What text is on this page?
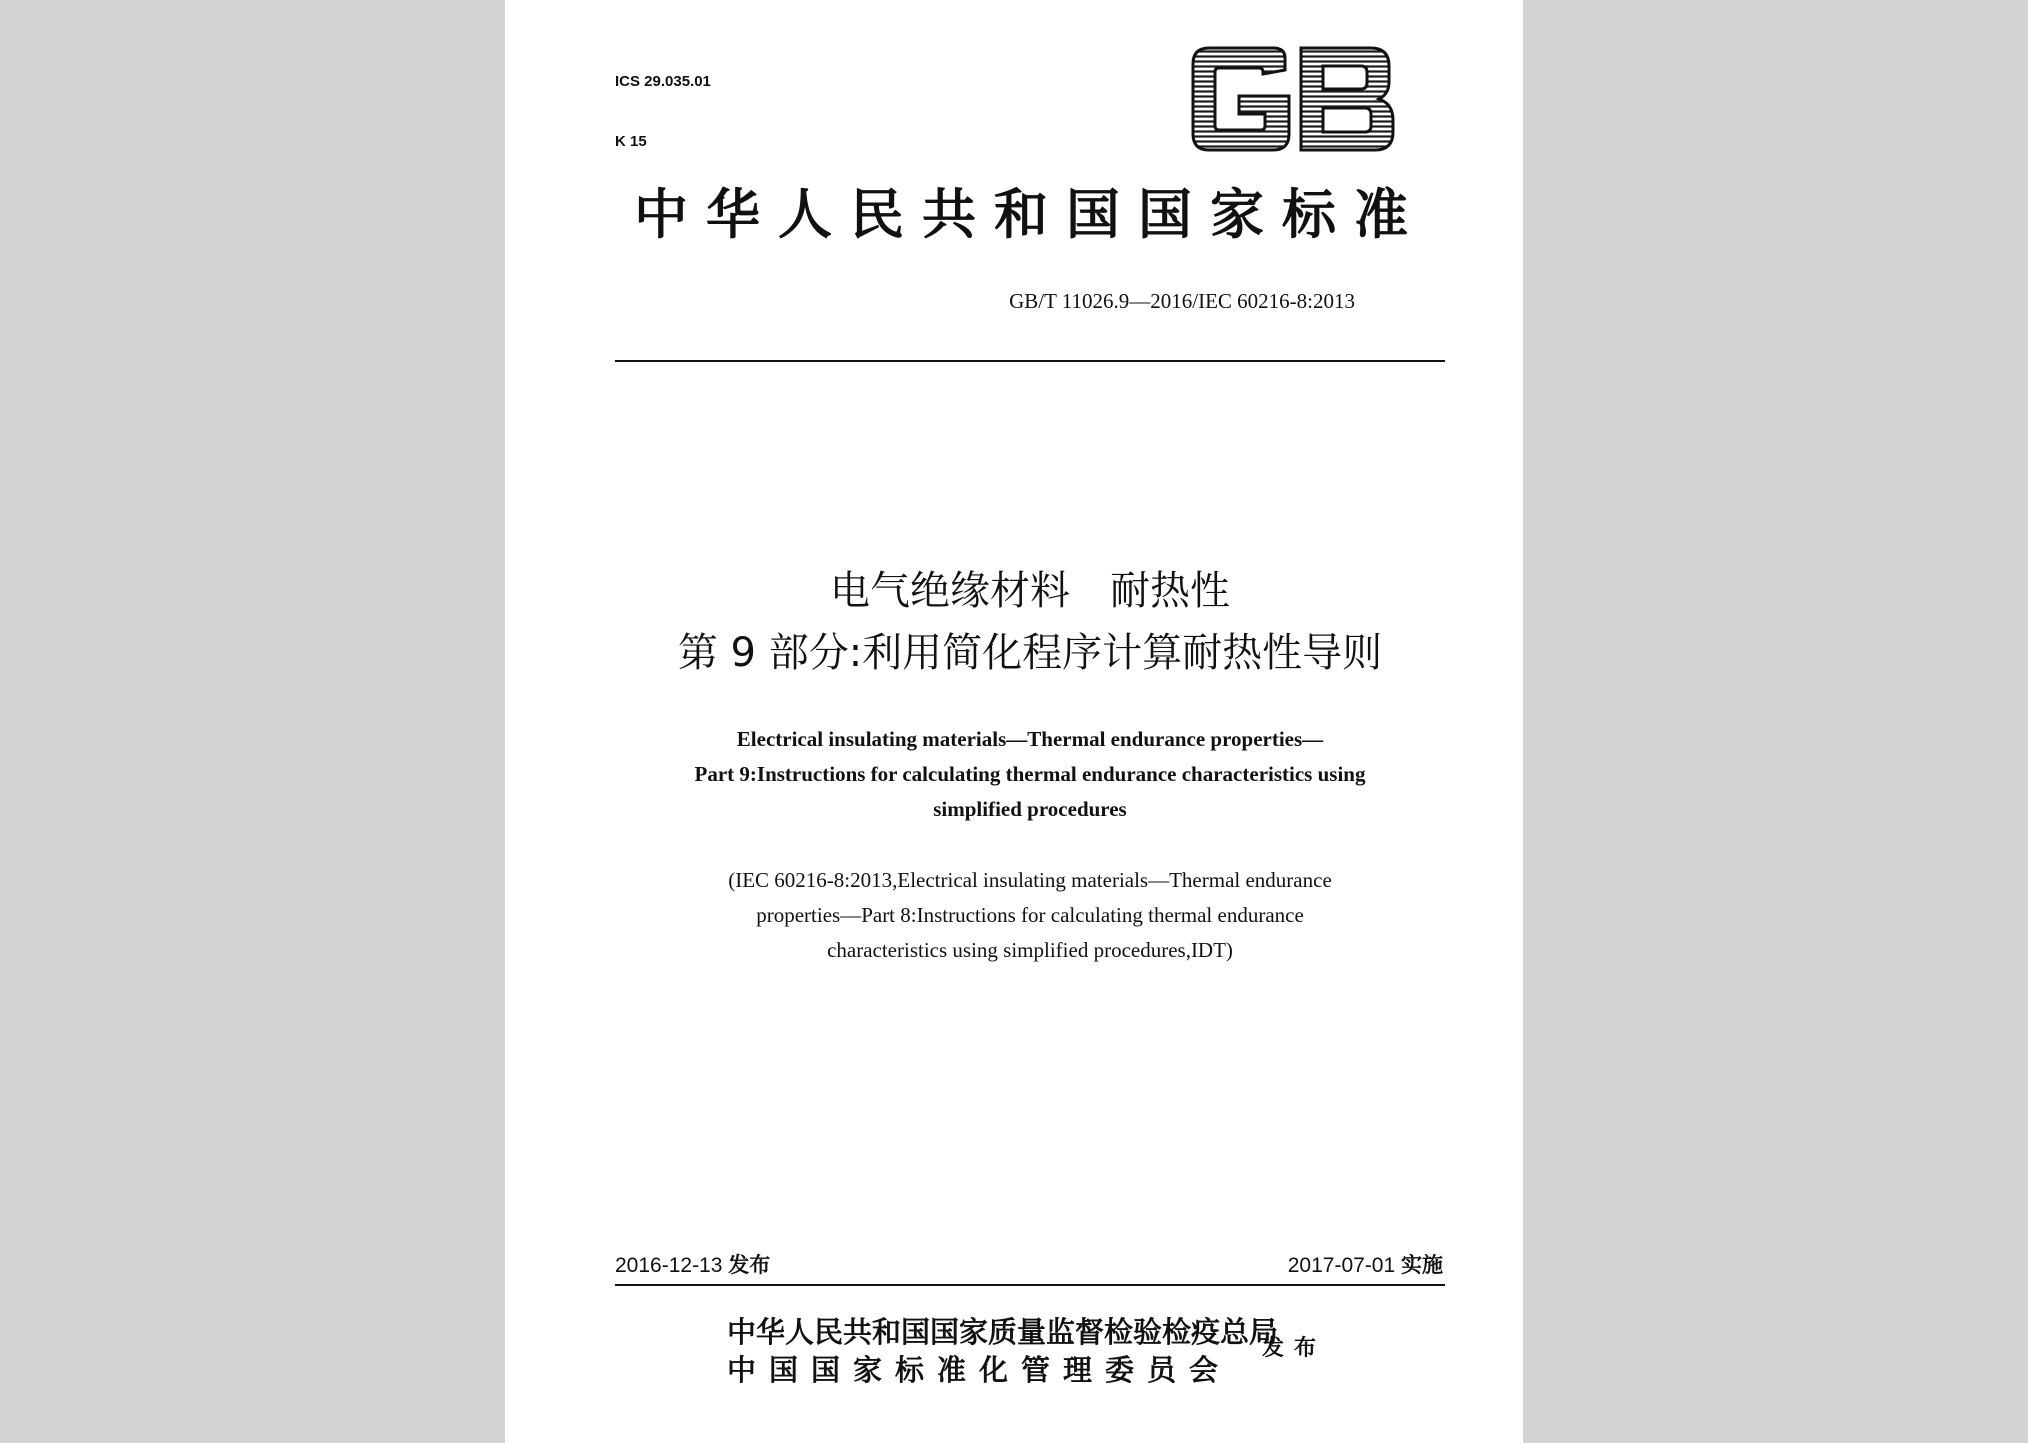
ICS 29.035.01

K 15

GB
中华人民共和国国家标准
GB/T 11026.9—2016/IEC 60216-8:2013
电气绝缘材料　耐热性
第 9 部分:利用简化程序计算耐热性导则
Electrical insulating materials—Thermal endurance properties—
Part 9:Instructions for calculating thermal endurance characteristics using
simplified procedures
(IEC 60216-8:2013,Electrical insulating materials—Thermal endurance
properties—Part 8:Instructions for calculating thermal endurance
characteristics using simplified procedures,IDT)
2016-12-13 发布	2017-07-01 实施
中华人民共和国国家质量监督检验检疫总局
中国国家标准化管理委员会
发布
